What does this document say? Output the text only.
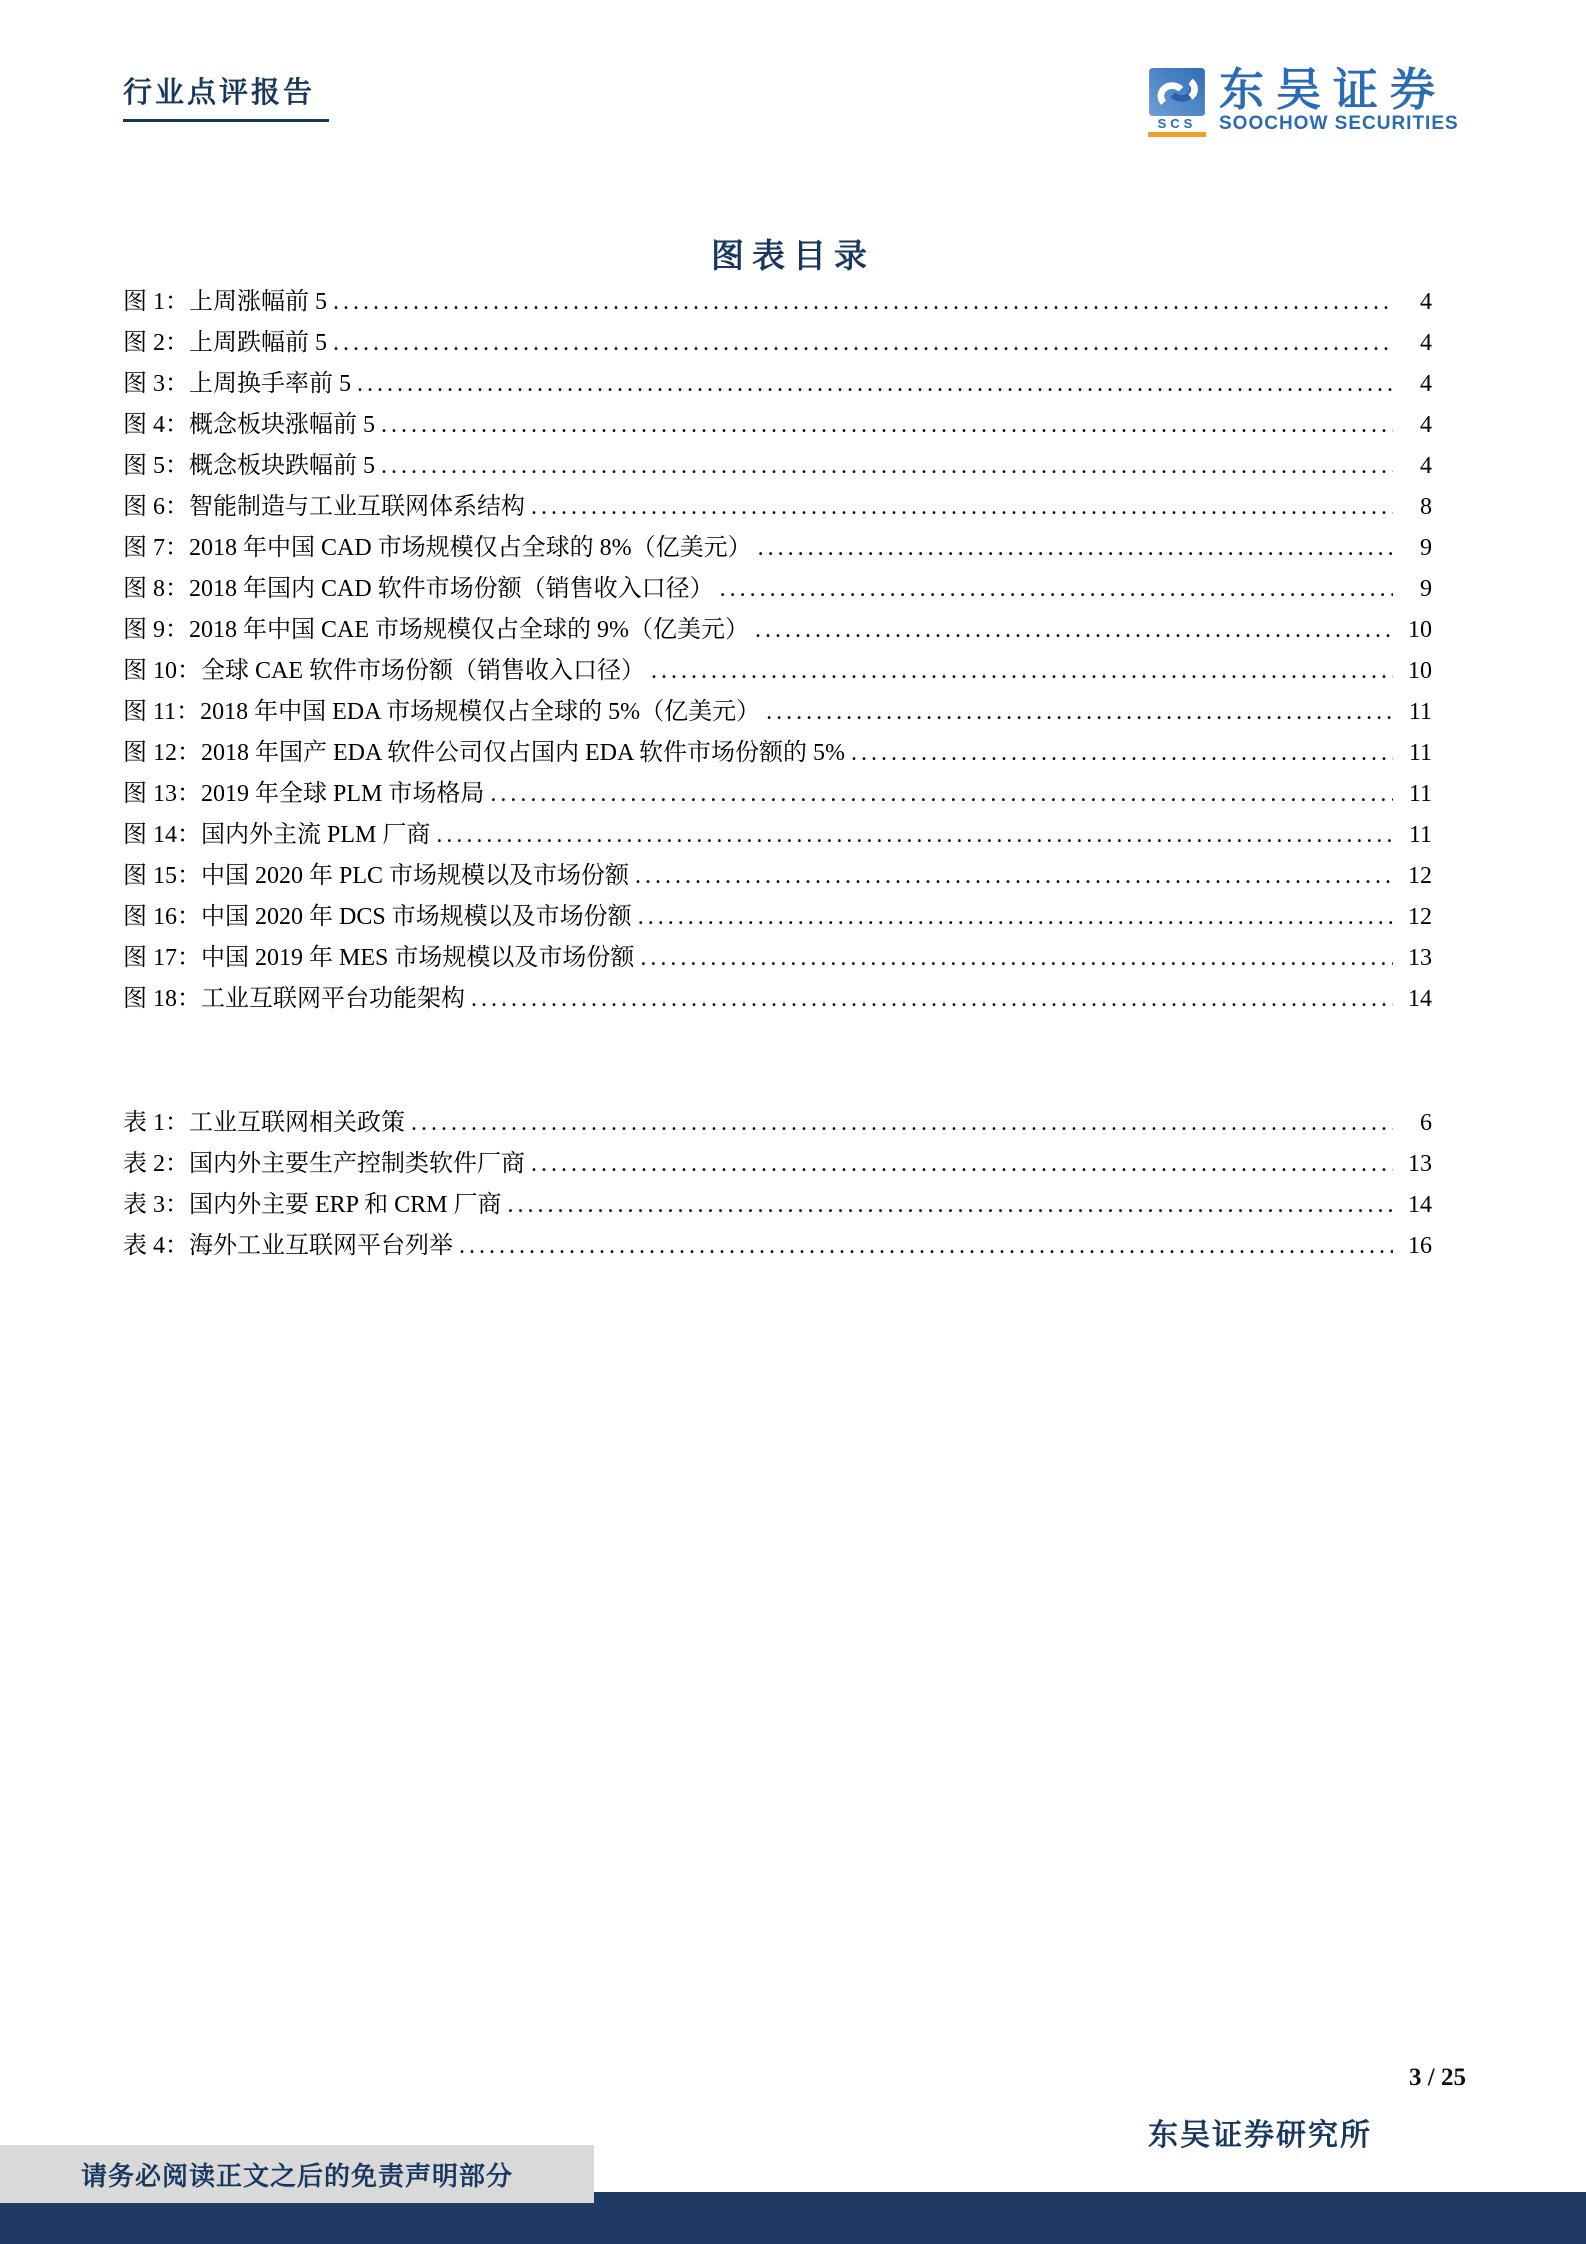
行业点评报告
SCS
东吴证券
SOOCHOW SECURITIES
图表目录
图 1： 上周涨幅前 5 .....	4
图 2： 上周跌幅前 5 .....	4
图 3： 上周换手率前 5 .....	4
图 4： 概念板块涨幅前 5 .....	4
图 5： 概念板块跌幅前 5 .....	4
图 6： 智能制造与工业互联网体系结构 .....	8
图 7： 2018 年中国 CAD 市场规模仅占全球的 8%（亿美元） .....	9
图 8： 2018 年国内 CAD 软件市场份额（销售收入口径） .....	9
图 9： 2018 年中国 CAE 市场规模仅占全球的 9%（亿美元） .....	10
图 10： 全球 CAE 软件市场份额（销售收入口径） .....	10
图 11： 2018 年中国 EDA 市场规模仅占全球的 5%（亿美元） .....	11
图 12： 2018 年国产 EDA 软件公司仅占国内 EDA 软件市场份额的 5% .....	11
图 13： 2019 年全球 PLM 市场格局 .....	11
图 14： 国内外主流 PLM 厂商 .....	11
图 15： 中国 2020 年 PLC 市场规模以及市场份额 .....	12
图 16： 中国 2020 年 DCS 市场规模以及市场份额 .....	12
图 17： 中国 2019 年 MES 市场规模以及市场份额 .....	13
图 18： 工业互联网平台功能架构 .....	14
表 1： 工业互联网相关政策 .....	6
表 2： 国内外主要生产控制类软件厂商 .....	13
表 3： 国内外主要 ERP 和 CRM 厂商 .....	14
表 4： 海外工业互联网平台列举 .....	16
3 / 25
东吴证券研究所
请务必阅读正文之后的免责声明部分
